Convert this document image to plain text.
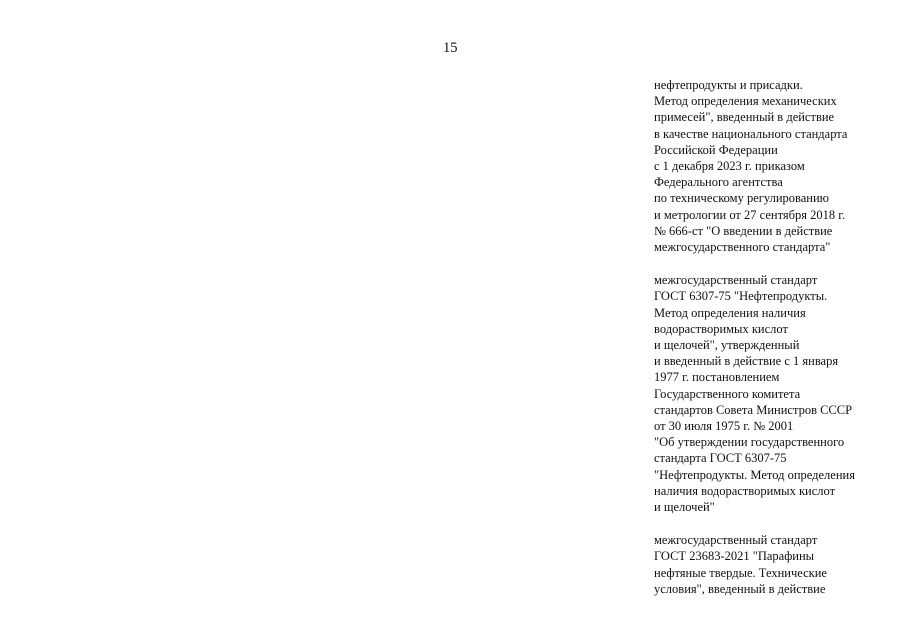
15
нефтепродукты и присадки.
Метод определения механических
примесей", введенный в действие
в качестве национального стандарта
Российской Федерации
с 1 декабря 2023 г. приказом
Федерального агентства
по техническому регулированию
и метрологии от 27 сентября 2018 г.
№ 666-ст "О введении в действие
межгосударственного стандарта"
межгосударственный стандарт
ГОСТ 6307-75 "Нефтепродукты.
Метод определения наличия
водорастворимых кислот
и щелочей", утвержденный
и введенный в действие с 1 января
1977 г. постановлением
Государственного комитета
стандартов Совета Министров СССР
от 30 июля 1975 г. № 2001
"Об утверждении государственного
стандарта ГОСТ 6307-75
"Нефтепродукты. Метод определения
наличия водорастворимых кислот
и щелочей"
межгосударственный стандарт
ГОСТ 23683-2021 "Парафины
нефтяные твердые. Технические
условия", введенный в действие
